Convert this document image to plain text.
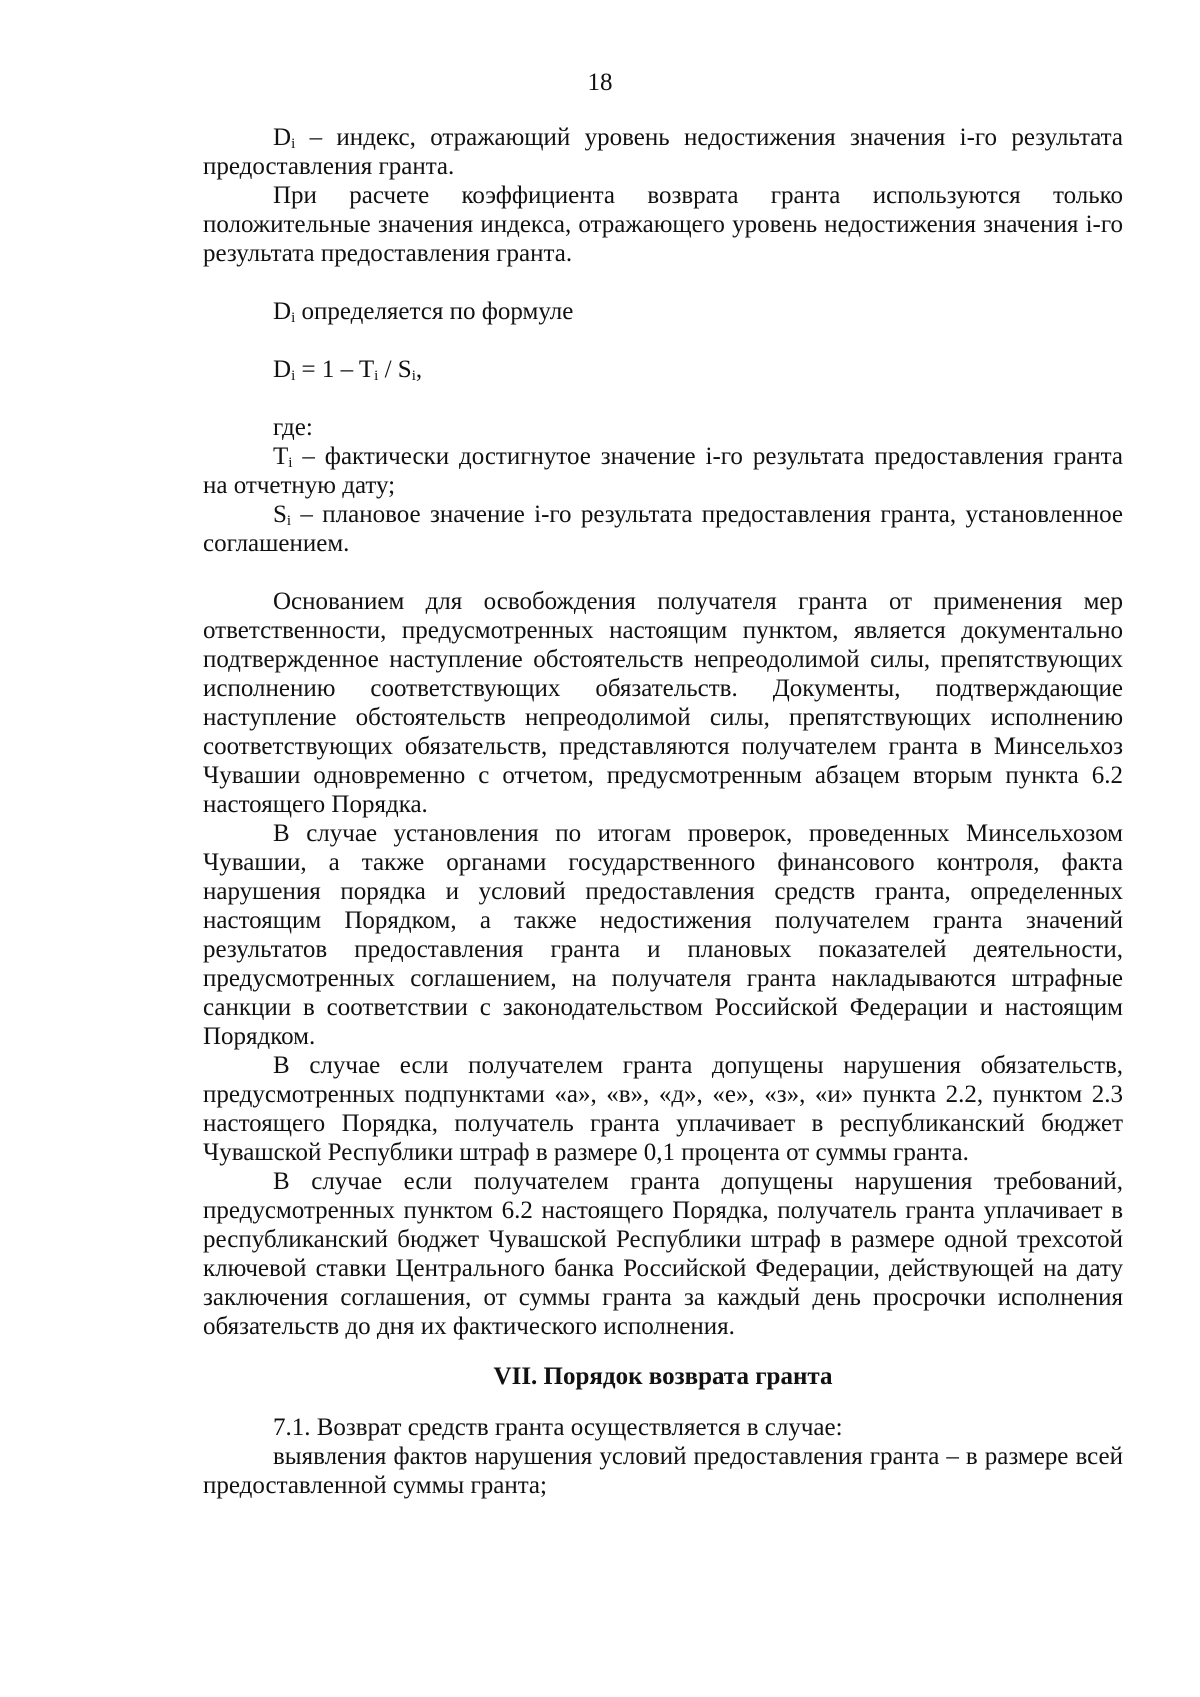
18

$D_i$ – индекс, отражающий уровень недостижения значения i-го результата предоставления гранта.

При расчете коэффициента возврата гранта используются только положительные значения индекса, отражающего уровень недостижения значения i-го результата предоставления гранта.

$D_i$ определяется по формуле

$D_i = 1 - T_i / S_i$,

где:

$T_i$ – фактически достигнутое значение i-го результата предоставления гранта на отчетную дату;

$S_i$ – плановое значение i-го результата предоставления гранта, установленное соглашением.

Основанием для освобождения получателя гранта от применения мер ответственности, предусмотренных настоящим пунктом, является документально подтвержденное наступление обстоятельств непреодолимой силы, препятствующих исполнению соответствующих обязательств. Документы, подтверждающие наступление обстоятельств непреодолимой силы, препятствующих исполнению соответствующих обязательств, представляются получателем гранта в Минсельхоз Чувашии одновременно с отчетом, предусмотренным абзацем вторым пункта 6.2 настоящего Порядка.

В случае установления по итогам проверок, проведенных Минсельхозом Чувашии, а также органами государственного финансового контроля, факта нарушения порядка и условий предоставления средств гранта, определенных настоящим Порядком, а также недостижения получателем гранта значений результатов предоставления гранта и плановых показателей деятельности, предусмотренных соглашением, на получателя гранта накладываются штрафные санкции в соответствии с законодательством Российской Федерации и настоящим Порядком.

В случае если получателем гранта допущены нарушения обязательств, предусмотренных подпунктами «а», «в», «д», «е», «з», «и» пункта 2.2, пунктом 2.3 настоящего Порядка, получатель гранта уплачивает в республиканский бюджет Чувашской Республики штраф в размере 0,1 процента от суммы гранта.

В случае если получателем гранта допущены нарушения требований, предусмотренных пунктом 6.2 настоящего Порядка, получатель гранта уплачивает в республиканский бюджет Чувашской Республики штраф в размере одной трехсотой ключевой ставки Центрального банка Российской Федерации, действующей на дату заключения соглашения, от суммы гранта за каждый день просрочки исполнения обязательств до дня их фактического исполнения.

VII. Порядок возврата гранта

7.1. Возврат средств гранта осуществляется в случае:

выявления фактов нарушения условий предоставления гранта – в размере всей предоставленной суммы гранта;
